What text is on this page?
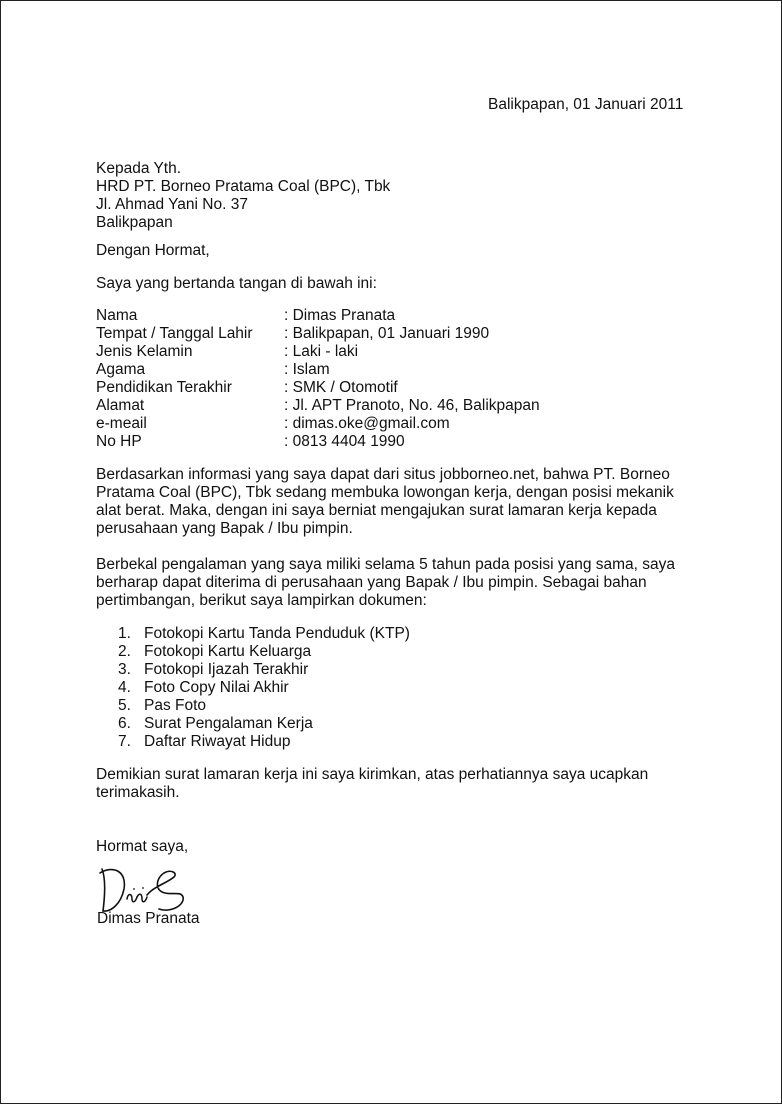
Balikpapan, 01 Januari 2011
Kepada Yth.
HRD PT. Borneo Pratama Coal (BPC), Tbk
Jl. Ahmad Yani No. 37
Balikpapan
Dengan Hormat,
Saya yang bertanda tangan di bawah ini:
Nama	: Dimas Pranata
Tempat / Tanggal Lahir	: Balikpapan, 01 Januari 1990
Jenis Kelamin	: Laki - laki
Agama	: Islam
Pendidikan Terakhir	: SMK / Otomotif
Alamat	: Jl. APT Pranoto, No. 46, Balikpapan
e-meail	: dimas.oke@gmail.com
No HP	: 0813 4404 1990
Berdasarkan informasi yang saya dapat dari situs jobborneo.net, bahwa PT. Borneo
Pratama Coal (BPC), Tbk sedang membuka lowongan kerja, dengan posisi mekanik
alat berat. Maka, dengan ini saya berniat mengajukan surat lamaran kerja kepada
perusahaan yang Bapak / Ibu pimpin.
Berbekal pengalaman yang saya miliki selama 5 tahun pada posisi yang sama, saya
berharap dapat diterima di perusahaan yang Bapak / Ibu pimpin. Sebagai bahan
pertimbangan, berikut saya lampirkan dokumen:
1. Fotokopi Kartu Tanda Penduduk (KTP)
2. Fotokopi Kartu Keluarga
3. Fotokopi Ijazah Terakhir
4. Foto Copy Nilai Akhir
5. Pas Foto
6. Surat Pengalaman Kerja
7. Daftar Riwayat Hidup
Demikian surat lamaran kerja ini saya kirimkan, atas perhatiannya saya ucapkan
terimakasih.
Hormat saya,
Dimas Pranata
